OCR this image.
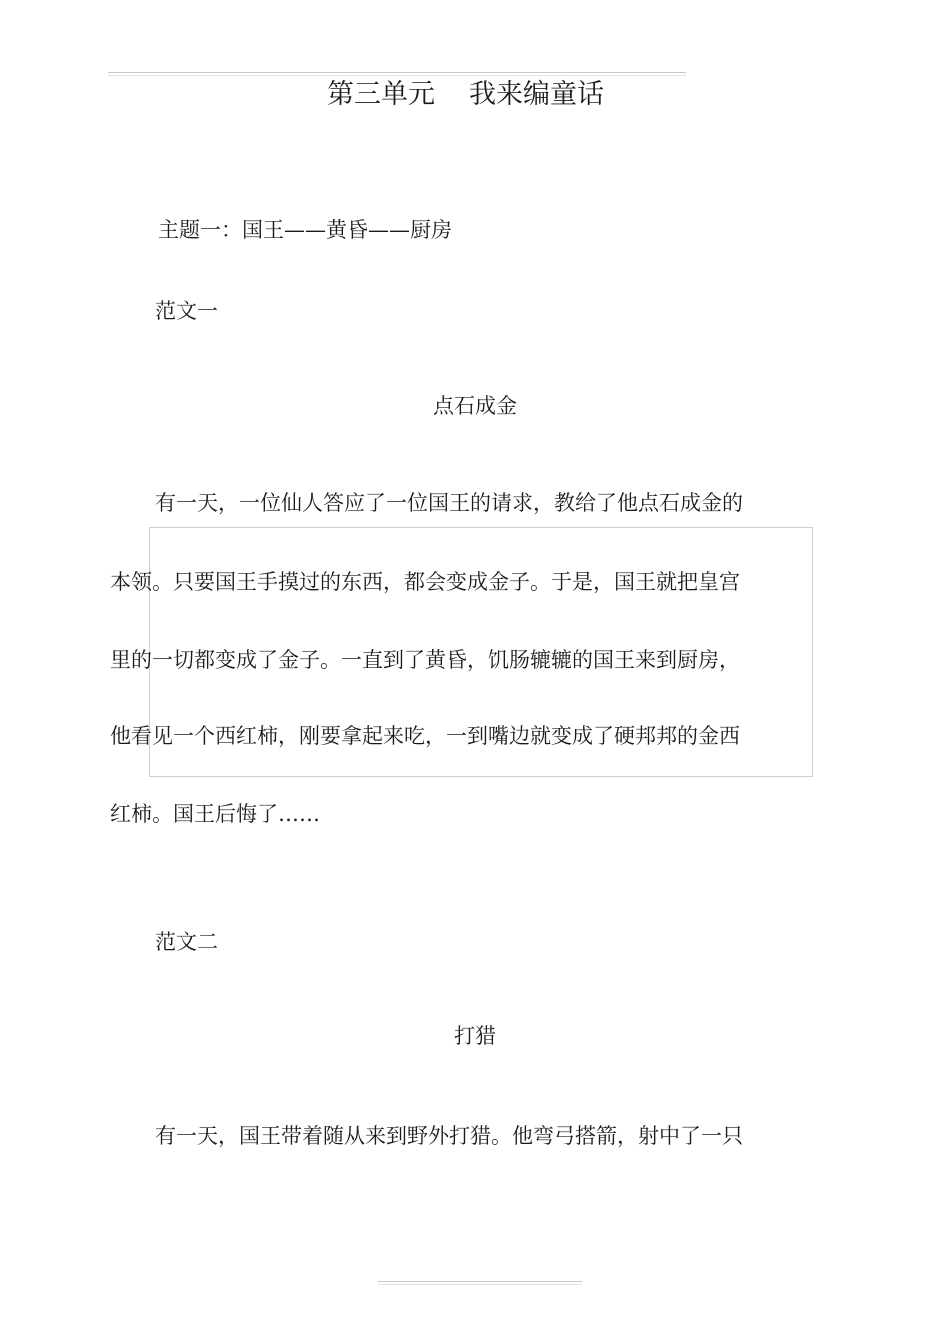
第三单元 我来编童话
主题一：国王——黄昏——厨房
范文一
点石成金
有一天，一位仙人答应了一位国王的请求，教给了他点石成金的
本领。只要国王手摸过的东西，都会变成金子。于是，国王就把皇宫
里的一切都变成了金子。一直到了黄昏，饥肠辘辘的国王来到厨房，
他看见一个西红柿，刚要拿起来吃，一到嘴边就变成了硬邦邦的金西
红柿。国王后悔了……
范文二
打猎
有一天，国王带着随从来到野外打猎。他弯弓搭箭，射中了一只
